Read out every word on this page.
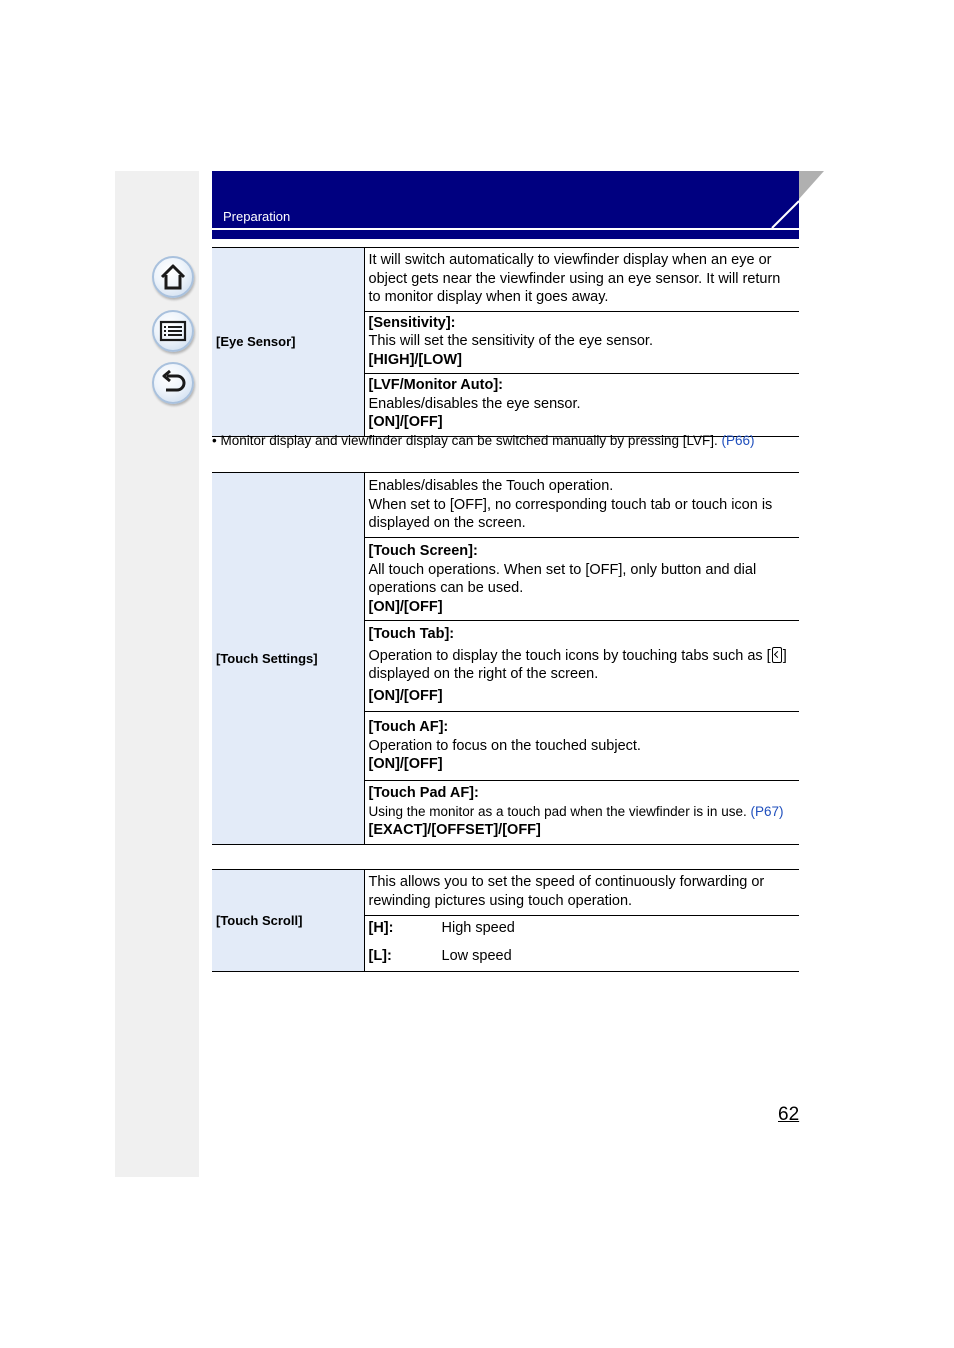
Preparation
[Eye Sensor]	It will switch automatically to viewfinder display when an eye or object gets near the viewfinder using an eye sensor. It will return to monitor display when it goes away.

[Sensitivity]:
This will set the sensitivity of the eye sensor.
[HIGH]/[LOW]

[LVF/Monitor Auto]:
Enables/disables the eye sensor.
[ON]/[OFF]
• Monitor display and viewfinder display can be switched manually by pressing [LVF]. (P66)
[Touch Settings]	Enables/disables the Touch operation.
When set to [OFF], no corresponding touch tab or touch icon is displayed on the screen.

[Touch Screen]:
All touch operations. When set to [OFF], only button and dial operations can be used.
[ON]/[OFF]

[Touch Tab]:
Operation to display the touch icons by touching tabs such as [ ] displayed on the right of the screen.
[ON]/[OFF]

[Touch AF]:
Operation to focus on the touched subject.
[ON]/[OFF]

[Touch Pad AF]:
Using the monitor as a touch pad when the viewfinder is in use. (P67)
[EXACT]/[OFFSET]/[OFF]
[Touch Scroll]	This allows you to set the speed of continuously forwarding or rewinding pictures using touch operation.

[H]:	High speed

[L]:	Low speed
62
